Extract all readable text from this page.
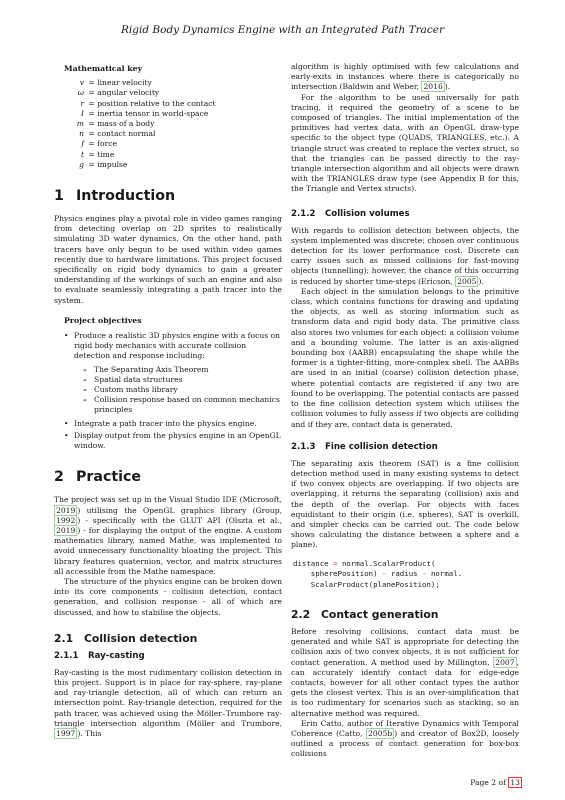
Rigid Body Dynamics Engine with an Integrated Path Tracer
Mathematical key
v = linear velocity
ω = angular velocity
r = position relative to the contact
I = inertia tensor in world-space
m = mass of a body
n = contact normal
f = force
t = time
g = impulse
1 Introduction

Physics engines play a pivotal role in video games ranging from detecting overlap on 2D sprites to realistically simulating 3D water dynamics. On the other hand, path tracers have only begun to be used within video games recently due to hardware limitations. This project focused specifically on rigid body dynamics to gain a greater understanding of the workings of such an engine and also to evaluate seamlessly integrating a path tracer into the system.

Project objectives
• Produce a realistic 3D physics engine with a focus on rigid body mechanics with accurate collision detection and response including:
– The Separating Axis Theorem
– Spatial data structures
– Custom maths library
– Collision response based on common mechanics principles
• Integrate a path tracer into the physics engine.
• Display output from the physics engine in an OpenGL window.
2 Practice

The project was set up in the Visual Studio IDE (Microsoft, 2019 ) utilising the OpenGL graphics library (Group, 1992 ) - specifically with the GLUT API (Olszta et al., 2019 ) - for displaying the output of the engine. A custom mathematics library, named Mathe, was implemented to avoid unnecessary functionality bloating the project. This library features quaternion, vector, and matrix structures all accessible from the Mathe namespace.

The structure of the physics engine can be broken down into its core components - collision detection, contact generation, and collision response - all of which are discussed, and how to stabilise the objects.

2.1 Collision detection
2.1.1 Ray-casting

Ray-casting is the most rudimentary collision detection in this project. Support is in place for ray-sphere, ray-plane and ray-triangle detection, all of which can return an intersection point. Ray-triangle detection, required for the path tracer, was achieved using the Möller–Trumbore ray-triangle intersection algorithm (Möller and Trumbore, 1997 ). This

algorithm is highly optimised with few calculations and early-exits in instances where there is categorically no intersection (Baldwin and Weber, 2016 ).

For the algorithm to be used universally for path tracing, it required the geometry of a scene to be composed of triangles. The initial implementation of the primitives had vertex data, with an OpenGL draw-type specific to the object type (QUADS, TRIANGLES, etc.). A triangle struct was created to replace the vertex struct, so that the triangles can be passed directly to the ray-triangle intersection algorithm and all objects were drawn with the TRIANGLES draw type (see Appendix B for this, the Triangle and Vertex structs).

2.1.2 Collision volumes

With regards to collision detection between objects, the system implemented was discrete; chosen over continuous detection for its lower performance cost. Discrete can carry issues such as missed collisions for fast-moving objects (tunnelling); however, the chance of this occurring is reduced by shorter time-steps (Ericson, 2005 ).

Each object in the simulation belongs to the primitive class, which contains functions for drawing and updating the objects, as well as storing information such as transform data and rigid body data. The primitive class also stores two volumes for each object: a collision volume and a bounding volume. The latter is an axis-aligned bounding box (AABB) encapsulating the shape while the former is a tighter-fitting, more-complex shell. The AABBs are used in an initial (coarse) collision detection phase, where potential contacts are registered if any two are found to be overlapping. The potential contacts are passed to the fine collision detection system which utilises the collision volumes to fully assess if two objects are colliding and if they are, contact data is generated.

2.1.3 Fine collision detection

The separating axis theorem (SAT) is a fine collision detection method used in many existing systems to detect if two convex objects are overlapping. If two objects are overlapping, it returns the separating (collision) axis and the depth of the overlap. For objects with faces equidistant to their origin (i.e. spheres), SAT is overkill, and simpler checks can be carried out. The code below shows calculating the distance between a sphere and a plane).

distance = normal.ScalarProduct(
spherePosition) - radius - normal.
ScalarProduct(planePosition);
2.2 Contact generation

Before resolving collisions, contact data must be generated and while SAT is appropriate for detecting the collision axis of two convex objects, it is not sufficient for contact generation. A method used by Millington, 2007 , can accurately identify contact data for edge-edge contacts, however for all other contact types the author gets the closest vertex. This is an over-simplification that is too rudimentary for scenarios such as stacking, so an alternative method was required.

Erin Catto, author of Iterative Dynamics with Temporal Coherence (Catto, 2005b ) and creator of Box2D, loosely outlined a process of contact generation for box-box collisions

Page 2 of 13
